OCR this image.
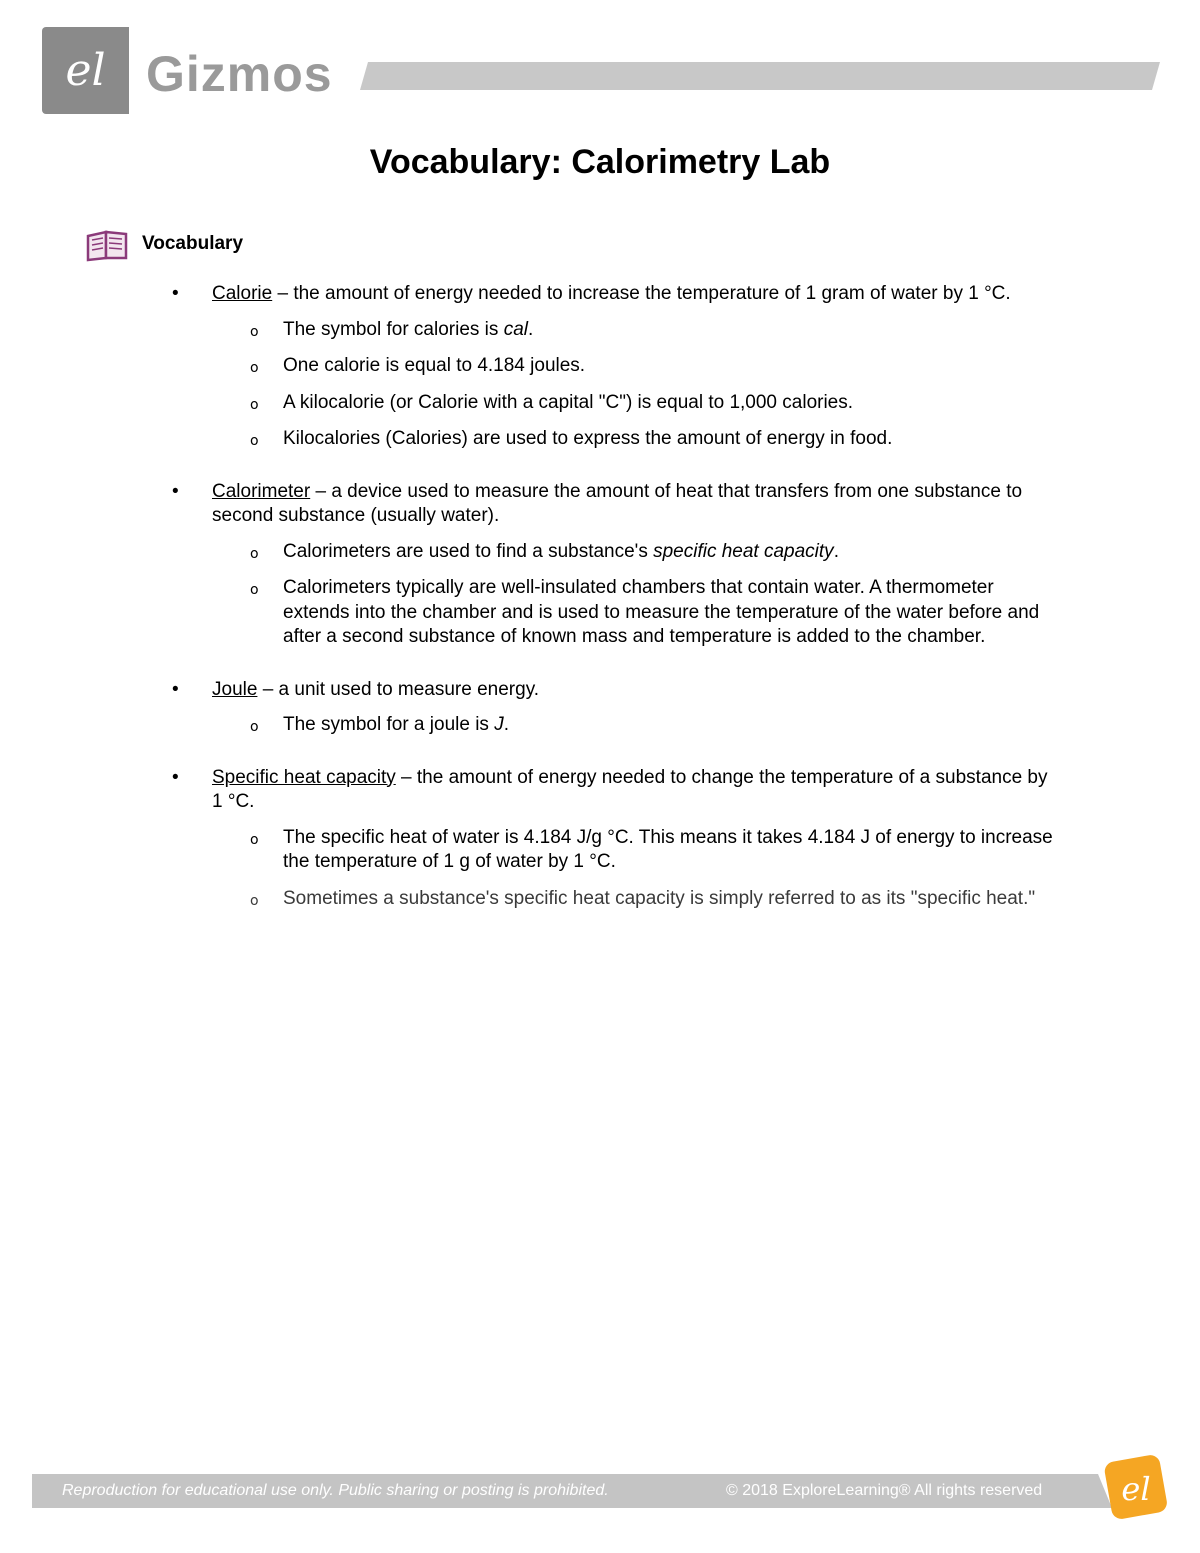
el Gizmos
Vocabulary: Calorimetry Lab
Vocabulary
• Calorie – the amount of energy needed to increase the temperature of 1 gram of water by 1 °C.
o The symbol for calories is cal.
o One calorie is equal to 4.184 joules.
o A kilocalorie (or Calorie with a capital "C") is equal to 1,000 calories.
o Kilocalories (Calories) are used to express the amount of energy in food.
• Calorimeter – a device used to measure the amount of heat that transfers from one substance to second substance (usually water).
o Calorimeters are used to find a substance's specific heat capacity.
o Calorimeters typically are well-insulated chambers that contain water. A thermometer extends into the chamber and is used to measure the temperature of the water before and after a second substance of known mass and temperature is added to the chamber.
• Joule – a unit used to measure energy.
o The symbol for a joule is J.
• Specific heat capacity – the amount of energy needed to change the temperature of a substance by 1 °C.
o The specific heat of water is 4.184 J/g °C. This means it takes 4.184 J of energy to increase the temperature of 1 g of water by 1 °C.
o Sometimes a substance's specific heat capacity is simply referred to as its "specific heat."
Reproduction for educational use only. Public sharing or posting is prohibited.	© 2018 ExploreLearning® All rights reserved el
